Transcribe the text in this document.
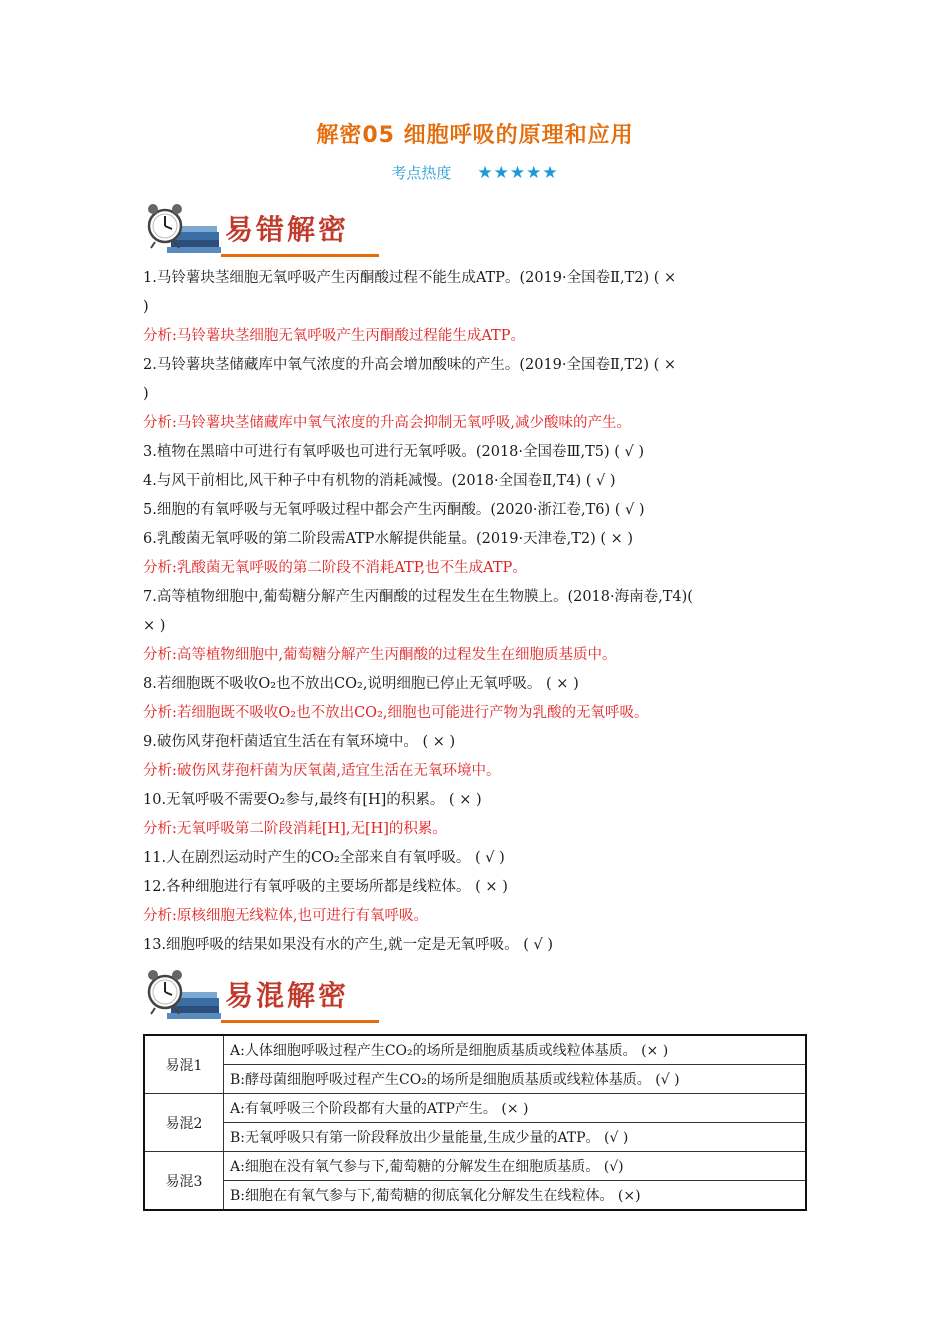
解密05 细胞呼吸的原理和应用
考点热度 ★★★★★
易错解密
1.马铃薯块茎细胞无氧呼吸产生丙酮酸过程不能生成ATP。(2019·全国卷Ⅱ,T2) ( ×
)
分析:马铃薯块茎细胞无氧呼吸产生丙酮酸过程能生成ATP。
2.马铃薯块茎储藏库中氧气浓度的升高会增加酸味的产生。(2019·全国卷Ⅱ,T2) ( ×
)
分析:马铃薯块茎储藏库中氧气浓度的升高会抑制无氧呼吸,减少酸味的产生。
3.植物在黑暗中可进行有氧呼吸也可进行无氧呼吸。(2018·全国卷Ⅲ,T5) ( √ )
4.与风干前相比,风干种子中有机物的消耗减慢。(2018·全国卷Ⅱ,T4) ( √ )
5.细胞的有氧呼吸与无氧呼吸过程中都会产生丙酮酸。(2020·浙江卷,T6) ( √ )
6.乳酸菌无氧呼吸的第二阶段需ATP水解提供能量。(2019·天津卷,T2) ( × )
分析:乳酸菌无氧呼吸的第二阶段不消耗ATP,也不生成ATP。
7.高等植物细胞中,葡萄糖分解产生丙酮酸的过程发生在生物膜上。(2018·海南卷,T4)(
× )
分析:高等植物细胞中,葡萄糖分解产生丙酮酸的过程发生在细胞质基质中。
8.若细胞既不吸收O₂也不放出CO₂,说明细胞已停止无氧呼吸。 ( × )
分析:若细胞既不吸收O₂也不放出CO₂,细胞也可能进行产物为乳酸的无氧呼吸。
9.破伤风芽孢杆菌适宜生活在有氧环境中。 ( × )
分析:破伤风芽孢杆菌为厌氧菌,适宜生活在无氧环境中。
10.无氧呼吸不需要O₂参与,最终有[H]的积累。 ( × )
分析:无氧呼吸第二阶段消耗[H],无[H]的积累。
11.人在剧烈运动时产生的CO₂全部来自有氧呼吸。 ( √ )
12.各种细胞进行有氧呼吸的主要场所都是线粒体。 ( × )
分析:原核细胞无线粒体,也可进行有氧呼吸。
13.细胞呼吸的结果如果没有水的产生,就一定是无氧呼吸。 ( √ )
易混解密
易混1	A:人体细胞呼吸过程产生CO₂的场所是细胞质基质或线粒体基质。 (× )
	B:酵母菌细胞呼吸过程产生CO₂的场所是细胞质基质或线粒体基质。 (√ )
易混2	A:有氧呼吸三个阶段都有大量的ATP产生。 (× )
	B:无氧呼吸只有第一阶段释放出少量能量,生成少量的ATP。 (√ )
易混3	A:细胞在没有氧气参与下,葡萄糖的分解发生在细胞质基质。 (√)
	B:细胞在有氧气参与下,葡萄糖的彻底氧化分解发生在线粒体。 (×)
